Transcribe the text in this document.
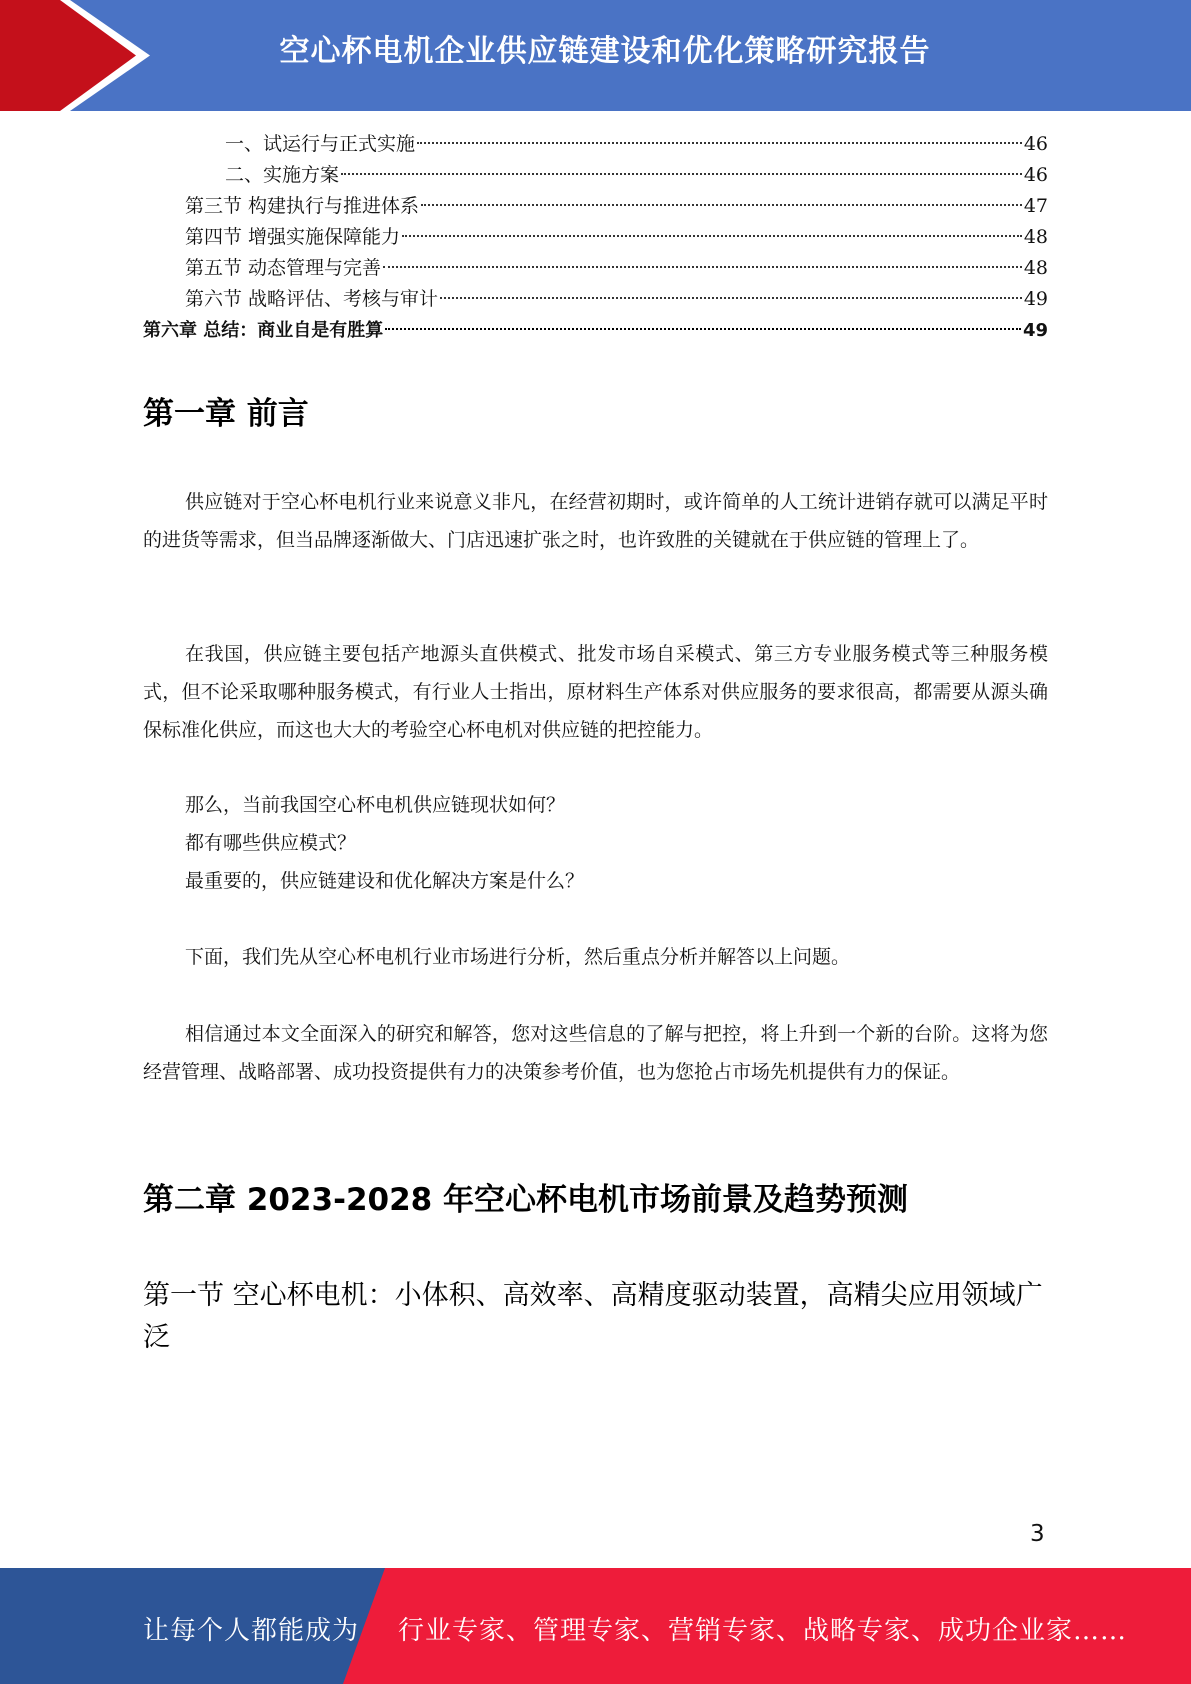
空心杯电机企业供应链建设和优化策略研究报告
一、试运行与正式实施	46
二、实施方案	46
第三节 构建执行与推进体系	47
第四节 增强实施保障能力	48
第五节 动态管理与完善	48
第六节 战略评估、考核与审计	49
第六章 总结：商业自是有胜算	49
第一章 前言
供应链对于空心杯电机行业来说意义非凡，在经营初期时，或许简单的人工统计进销存就可以满足平时的进货等需求，但当品牌逐渐做大、门店迅速扩张之时，也许致胜的关键就在于供应链的管理上了。
在我国，供应链主要包括产地源头直供模式、批发市场自采模式、第三方专业服务模式等三种服务模式，但不论采取哪种服务模式，有行业人士指出，原材料生产体系对供应服务的要求很高，都需要从源头确保标准化供应，而这也大大的考验空心杯电机对供应链的把控能力。
那么，当前我国空心杯电机供应链现状如何？
都有哪些供应模式？
最重要的，供应链建设和优化解决方案是什么？
下面，我们先从空心杯电机行业市场进行分析，然后重点分析并解答以上问题。
相信通过本文全面深入的研究和解答，您对这些信息的了解与把控，将上升到一个新的台阶。这将为您经营管理、战略部署、成功投资提供有力的决策参考价值，也为您抢占市场先机提供有力的保证。
第二章 2023-2028 年空心杯电机市场前景及趋势预测
第一节 空心杯电机：小体积、高效率、高精度驱动装置，高精尖应用领域广泛
3
让每个人都能成为 行业专家、管理专家、营销专家、战略专家、成功企业家……
